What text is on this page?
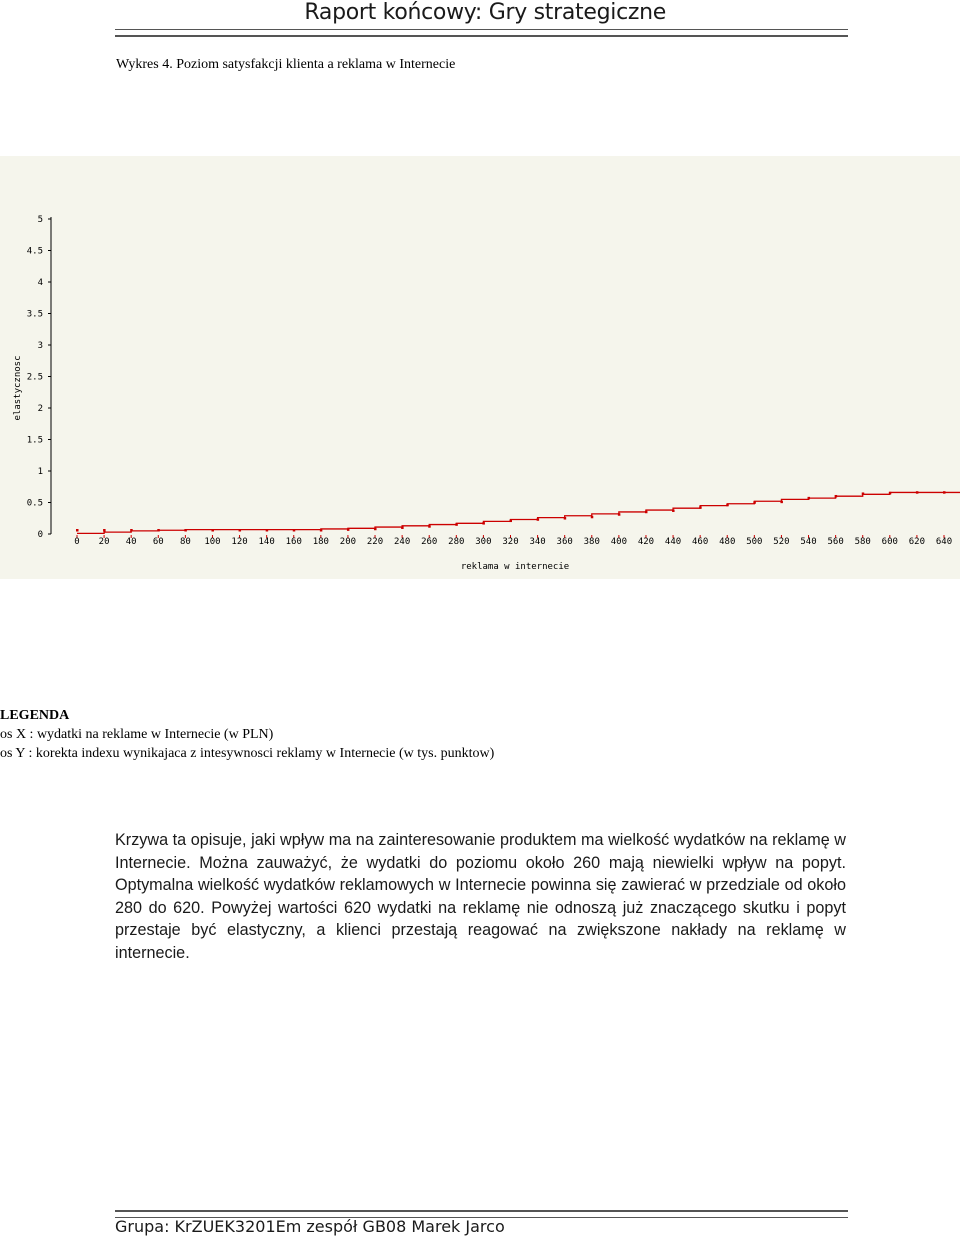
Raport końcowy: Gry strategiczne
Wykres 4. Poziom satysfakcji klienta a reklama w Internecie
0
0.5
1
1.5
2
2.5
3
3.5
4
4.5
5
0 20 40 60 80 100 120 140 160 180 200 220 240 260 280 300 320 340 360 380 400 420 440 460 480 500 520 540 560 580 600 620 640
reklama w internecie
elastycznosc
LEGENDA
os X : wydatki na reklame w Internecie (w PLN)
os Y : korekta indexu wynikajaca z intesywnosci reklamy w Internecie (w tys. punktow)
Krzywa ta opisuje, jaki wpływ ma na zainteresowanie produktem ma wielkość wydatków na reklamę w Internecie. Można zauważyć, że wydatki do poziomu około 260 mają niewielki wpływ na popyt. Optymalna wielkość wydatków reklamowych w Internecie powinna się zawierać w przedziale od około 280 do 620. Powyżej wartości 620 wydatki na reklamę nie odnoszą już znaczącego skutku i popyt przestaje być elastyczny, a klienci przestają reagować na zwiększone nakłady na reklamę w internecie.
Grupa: KrZUEK3201Em zespół GB08 Marek Jarco
